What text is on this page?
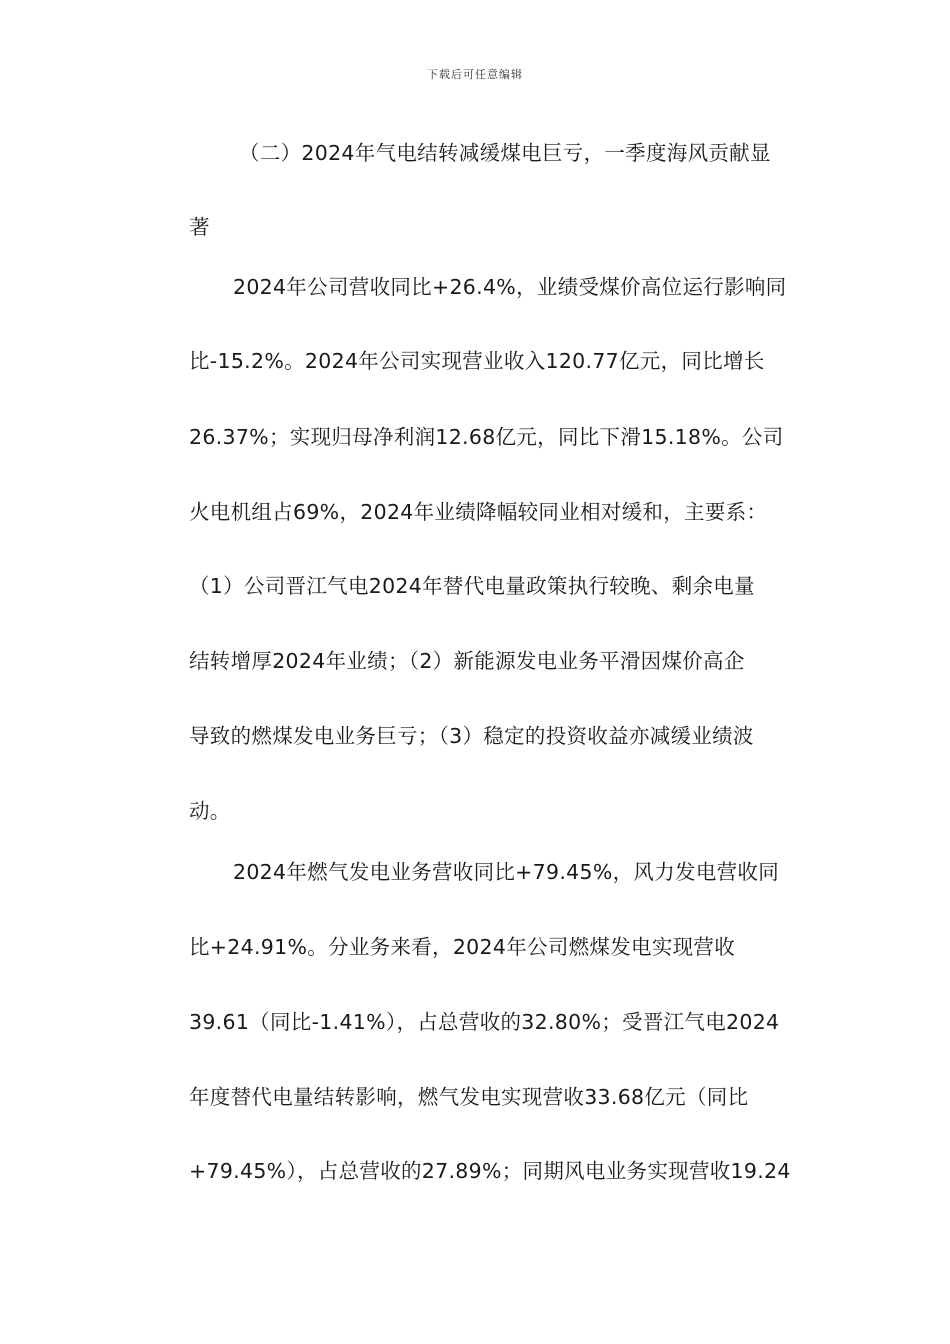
下载后可任意编辑
（二）2024年气电结转减缓煤电巨亏，一季度海风贡献显
著
2024年公司营收同比+26.4%，业绩受煤价高位运行影响同
比-15.2%。2024年公司实现营业收入120.77亿元，同比增长
26.37%；实现归母净利润12.68亿元，同比下滑15.18%。公司
火电机组占69%，2024年业绩降幅较同业相对缓和，主要系：
（1）公司晋江气电2024年替代电量政策执行较晚、剩余电量
结转增厚2024年业绩；（2）新能源发电业务平滑因煤价高企
导致的燃煤发电业务巨亏；（3）稳定的投资收益亦减缓业绩波
动。
2024年燃气发电业务营收同比+79.45%，风力发电营收同
比+24.91%。分业务来看，2024年公司燃煤发电实现营收
39.61（同比-1.41%），占总营收的32.80%；受晋江气电2024
年度替代电量结转影响，燃气发电实现营收33.68亿元（同比
+79.45%），占总营收的27.89%；同期风电业务实现营收19.24
